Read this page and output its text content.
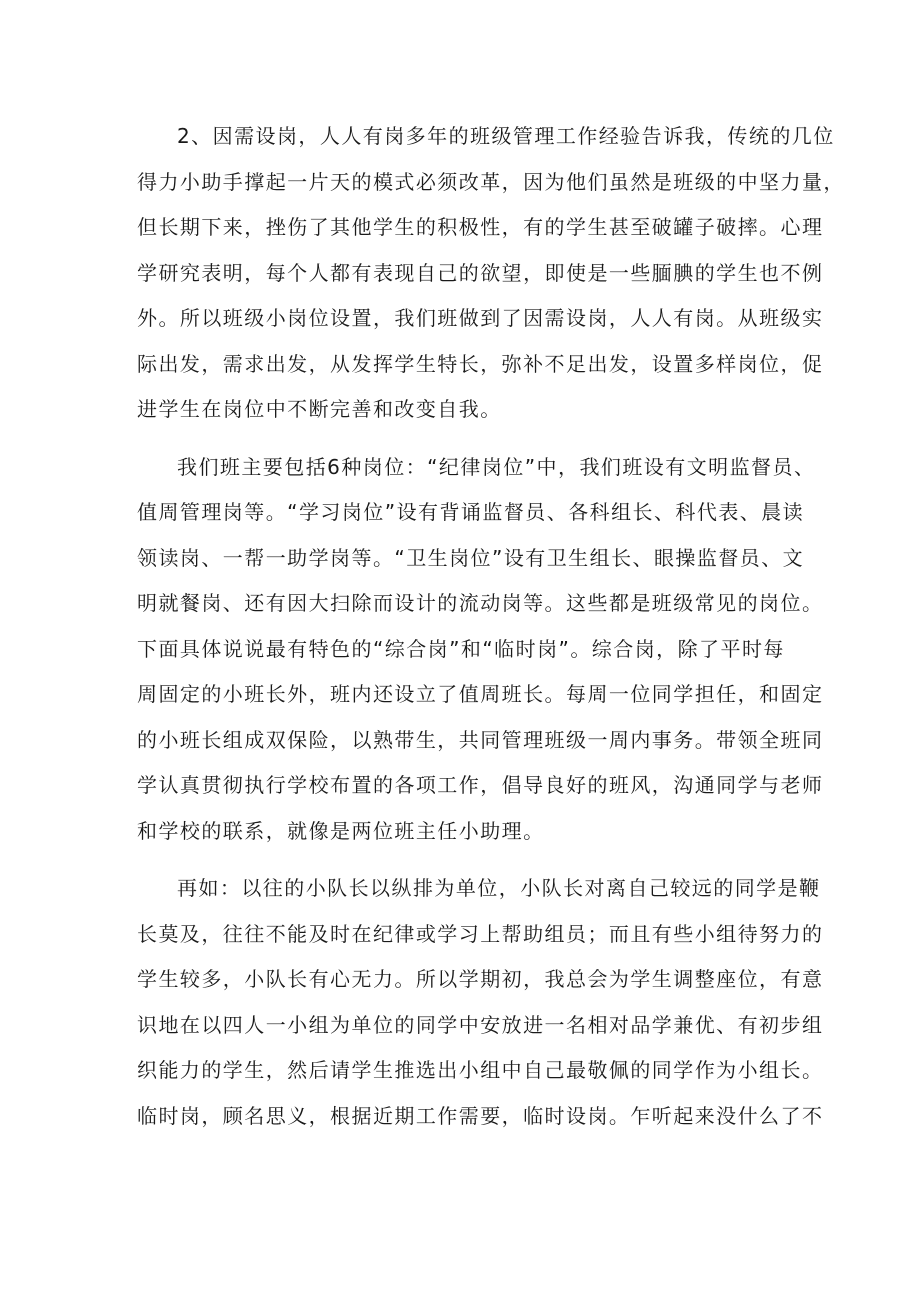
2、因需设岗，人人有岗多年的班级管理工作经验告诉我，传统的几位
得力小助手撑起一片天的模式必须改革，因为他们虽然是班级的中坚力量，
但长期下来，挫伤了其他学生的积极性，有的学生甚至破罐子破摔。心理
学研究表明，每个人都有表现自己的欲望，即使是一些腼腆的学生也不例
外。所以班级小岗位设置，我们班做到了因需设岗，人人有岗。从班级实
际出发，需求出发，从发挥学生特长，弥补不足出发，设置多样岗位，促
进学生在岗位中不断完善和改变自我。
我们班主要包括6种岗位：“纪律岗位”中，我们班设有文明监督员、
值周管理岗等。“学习岗位”设有背诵监督员、各科组长、科代表、晨读
领读岗、一帮一助学岗等。“卫生岗位”设有卫生组长、眼操监督员、文
明就餐岗、还有因大扫除而设计的流动岗等。这些都是班级常见的岗位。
下面具体说说最有特色的“综合岗”和“临时岗”。综合岗，除了平时每
周固定的小班长外，班内还设立了值周班长。每周一位同学担任，和固定
的小班长组成双保险，以熟带生，共同管理班级一周内事务。带领全班同
学认真贯彻执行学校布置的各项工作，倡导良好的班风，沟通同学与老师
和学校的联系，就像是两位班主任小助理。
再如：以往的小队长以纵排为单位，小队长对离自己较远的同学是鞭
长莫及，往往不能及时在纪律或学习上帮助组员；而且有些小组待努力的
学生较多，小队长有心无力。所以学期初，我总会为学生调整座位，有意
识地在以四人一小组为单位的同学中安放进一名相对品学兼优、有初步组
织能力的学生，然后请学生推选出小组中自己最敬佩的同学作为小组长。
临时岗，顾名思义，根据近期工作需要，临时设岗。乍听起来没什么了不
